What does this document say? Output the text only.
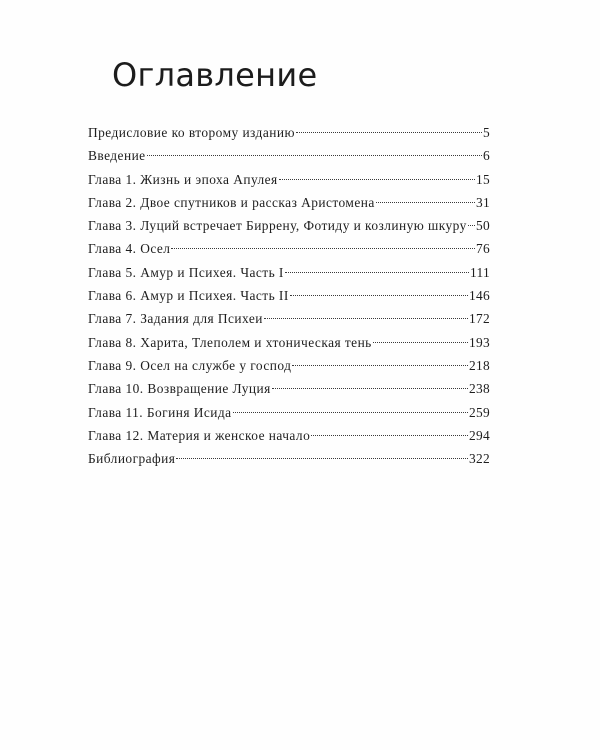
Оглавление
Предисловие ко второму изданию	5
Введение	6
Глава 1. Жизнь и эпоха Апулея	15
Глава 2. Двое спутников и рассказ Аристомена	31
Глава 3. Луций встречает Биррену, Фотиду и козлиную шкуру 50
Глава 4. Осел	76
Глава 5. Амур и Психея. Часть I	111
Глава 6. Амур и Психея. Часть II	146
Глава 7. Задания для Психеи	172
Глава 8. Харита, Тлеполем и хтоническая тень	193
Глава 9. Осел на службе у господ	218
Глава 10. Возвращение Луция	238
Глава 11. Богиня Исида	259
Глава 12. Материя и женское начало	294
Библиография	322
